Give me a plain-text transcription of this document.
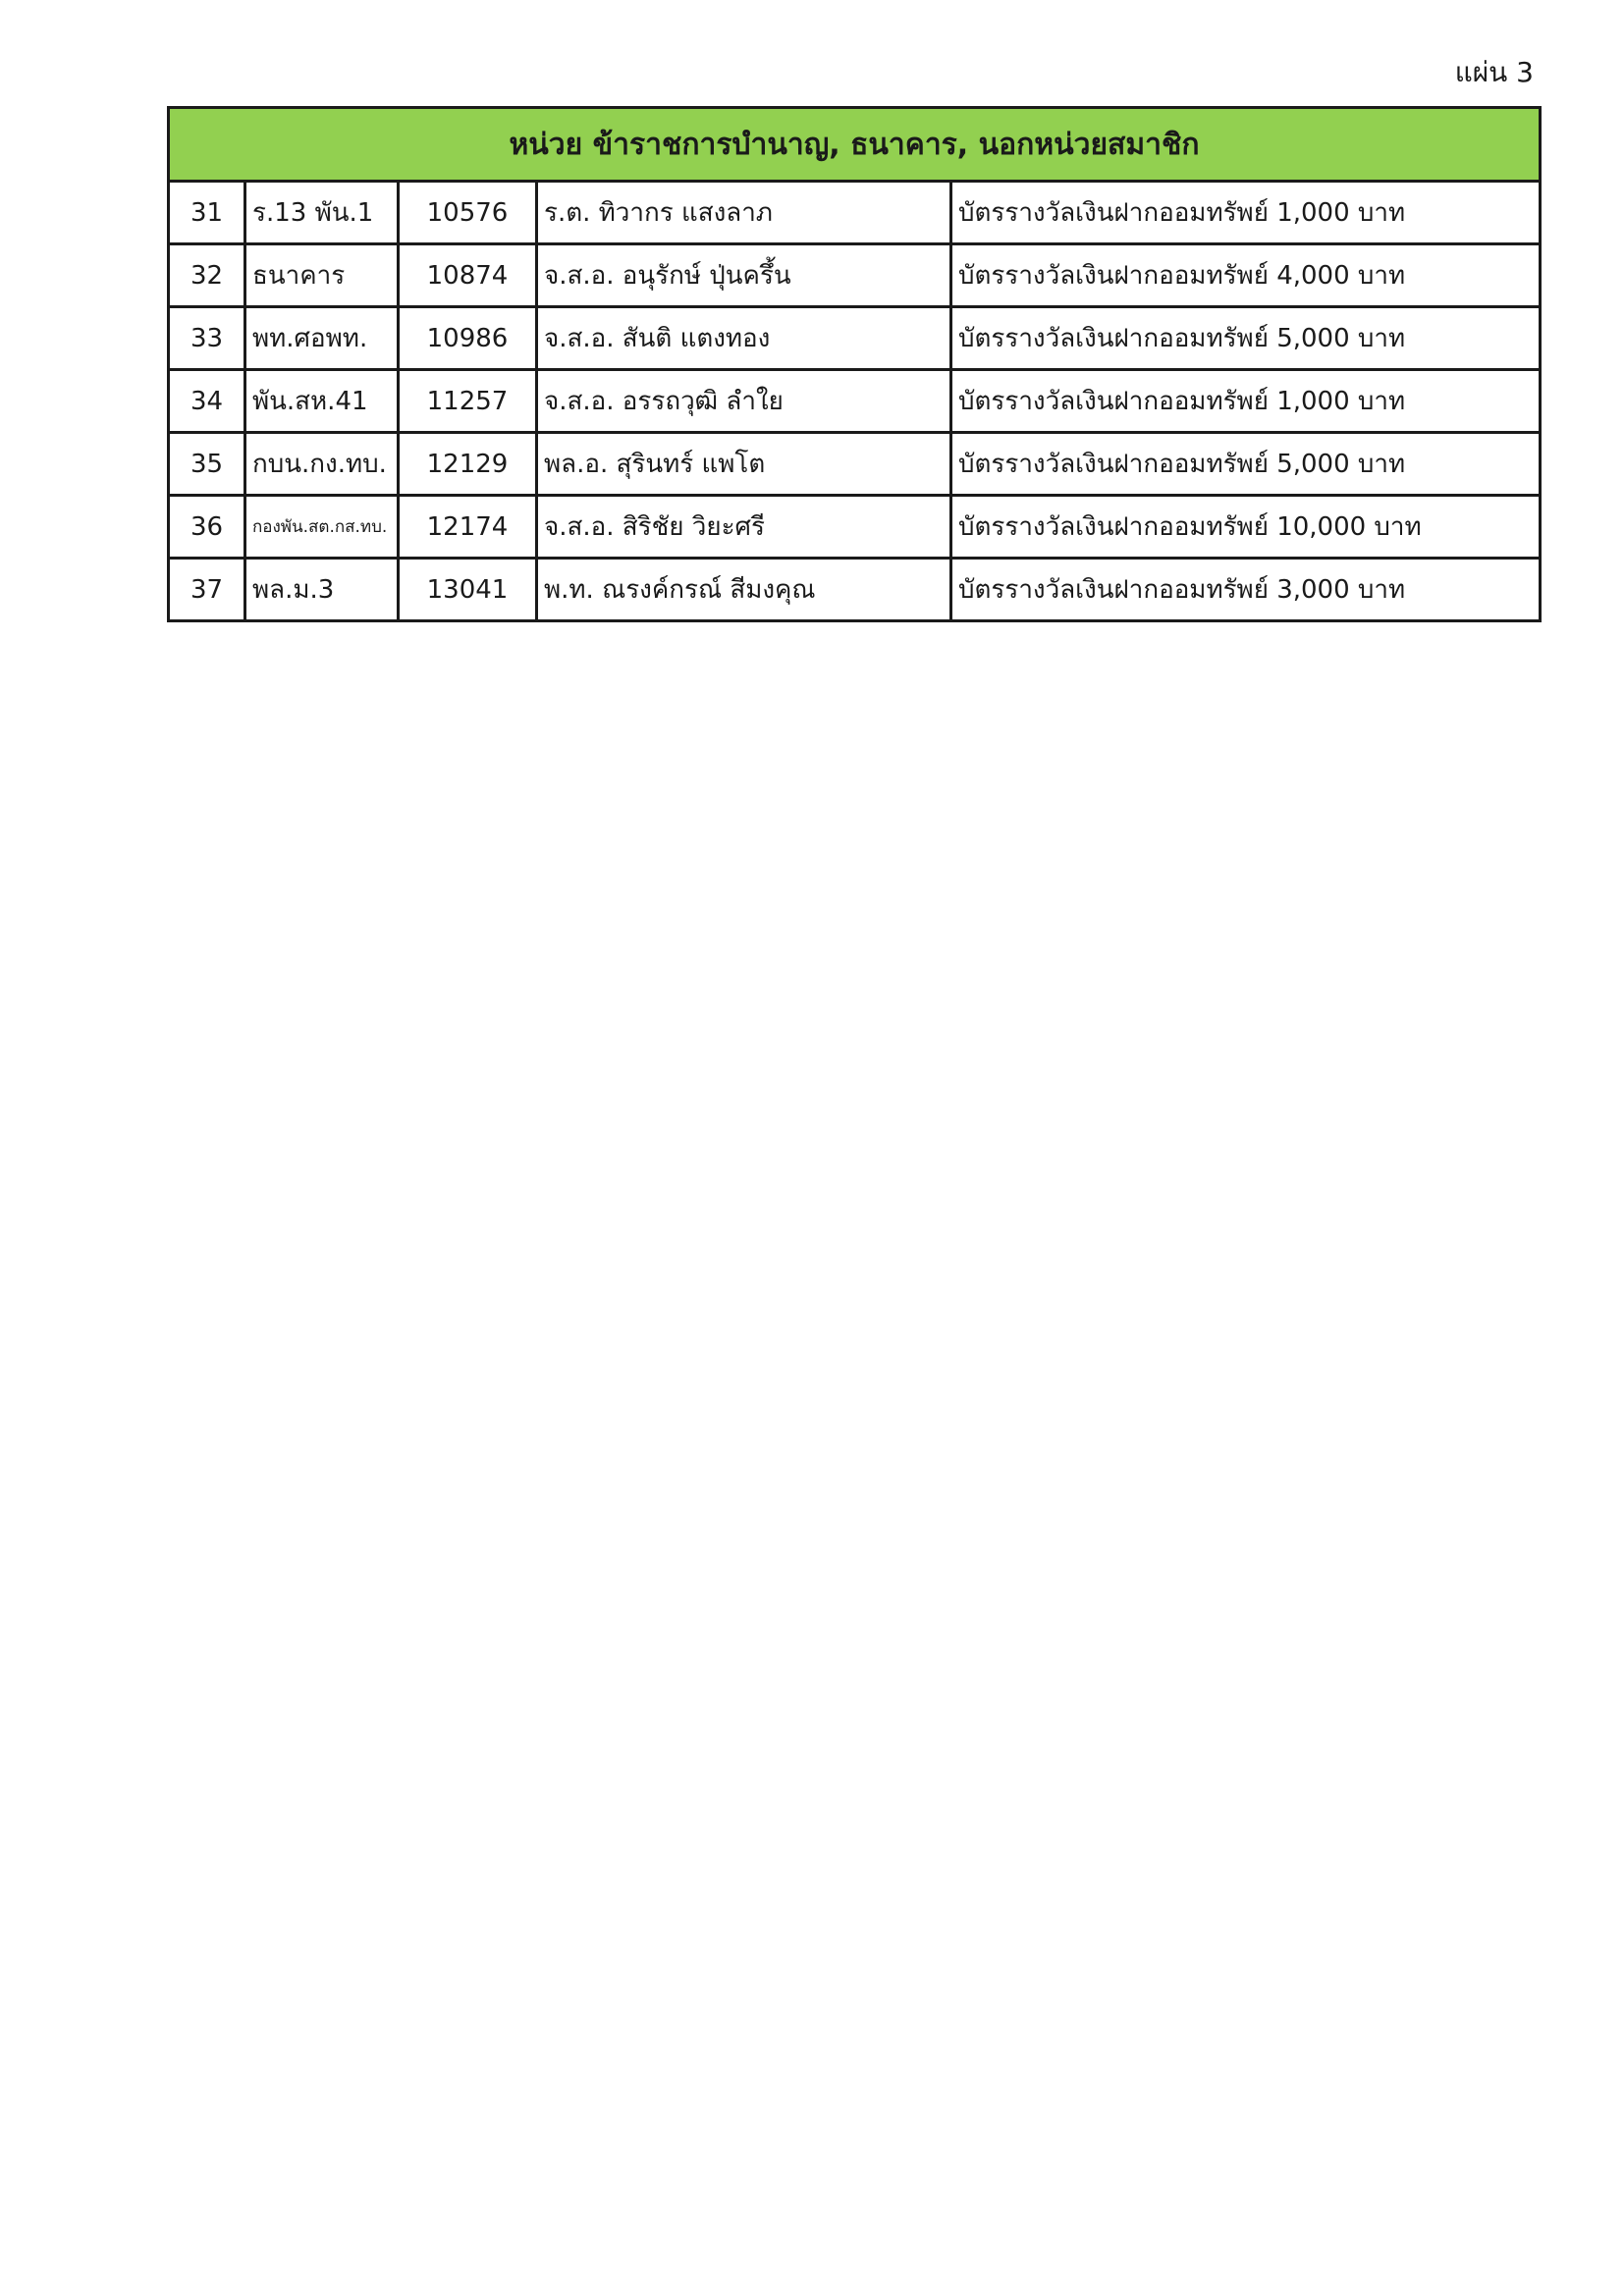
แผ่น 3
หน่วย ข้าราชการบำนาญ, ธนาคาร, นอกหน่วยสมาชิก				
31	ร.13 พัน.1	10576	ร.ต. ทิวากร แสงลาภ	บัตรรางวัลเงินฝากออมทรัพย์ 1,000 บาท
32	ธนาคาร	10874	จ.ส.อ. อนุรักษ์ ปุ่นครึ้น	บัตรรางวัลเงินฝากออมทรัพย์ 4,000 บาท
33	พท.ศอพท.	10986	จ.ส.อ. สันติ แตงทอง	บัตรรางวัลเงินฝากออมทรัพย์ 5,000 บาท
34	พัน.สห.41	11257	จ.ส.อ. อรรถวุฒิ ลำใย	บัตรรางวัลเงินฝากออมทรัพย์ 1,000 บาท
35	กบน.กง.ทบ.	12129	พล.อ. สุรินทร์ แพโต	บัตรรางวัลเงินฝากออมทรัพย์ 5,000 บาท
36	กองพัน.สต.กส.ทบ.	12174	จ.ส.อ. สิริชัย วิยะศรี	บัตรรางวัลเงินฝากออมทรัพย์ 10,000 บาท
37	พล.ม.3	13041	พ.ท. ณรงค์กรณ์ สีมงคุณ	บัตรรางวัลเงินฝากออมทรัพย์ 3,000 บาท
